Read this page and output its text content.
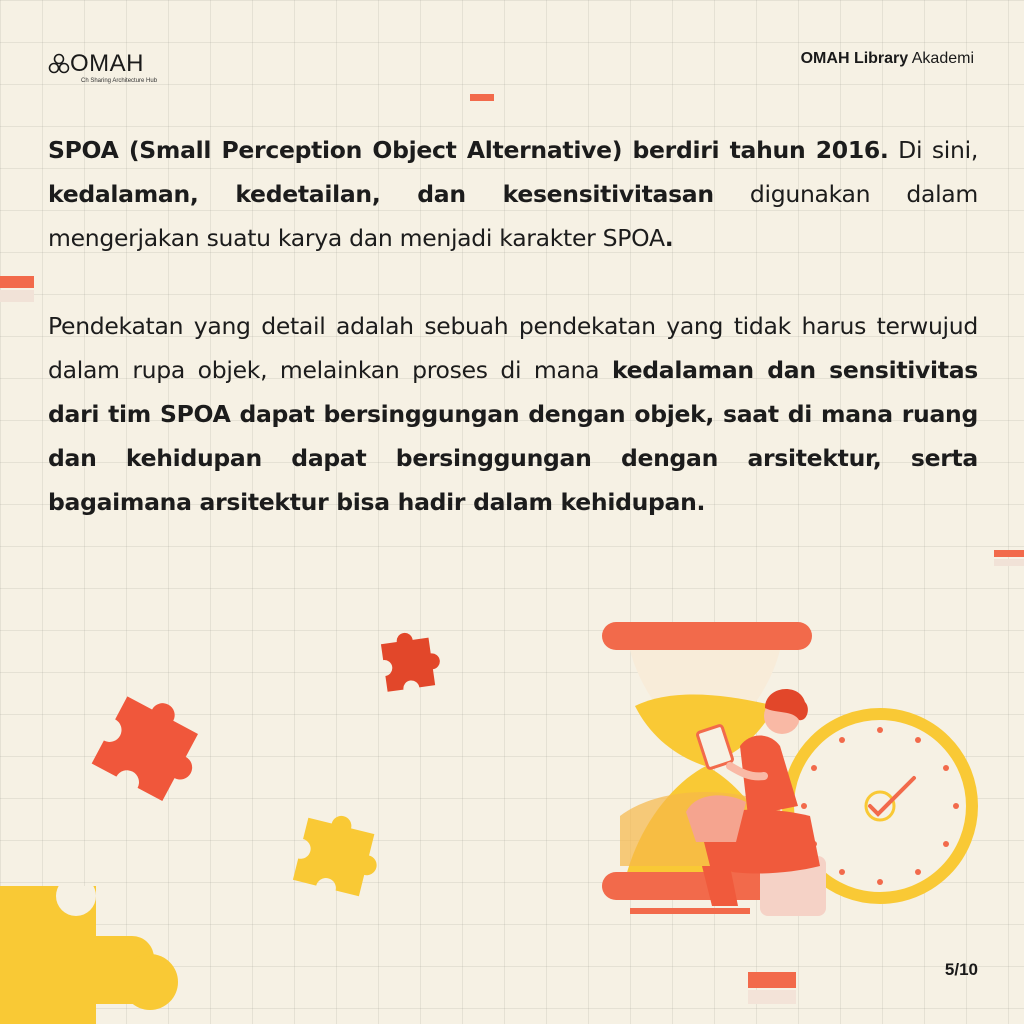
OMAH
Ch Sharing Architecture Hub
OMAH Library Akademi
SPOA (Small Perception Object Alternative) berdiri tahun 2016. Di sini, kedalaman, kedetailan, dan kesensitivitasan digunakan dalam mengerjakan suatu karya dan menjadi karakter SPOA.
Pendekatan yang detail adalah sebuah pendekatan yang tidak harus terwujud dalam rupa objek, melainkan proses di mana kedalaman dan sensitivitas dari tim SPOA dapat bersinggungan dengan objek, saat di mana ruang dan kehidupan dapat bersinggungan dengan arsitektur, serta bagaimana arsitektur bisa hadir dalam kehidupan.
5/10
